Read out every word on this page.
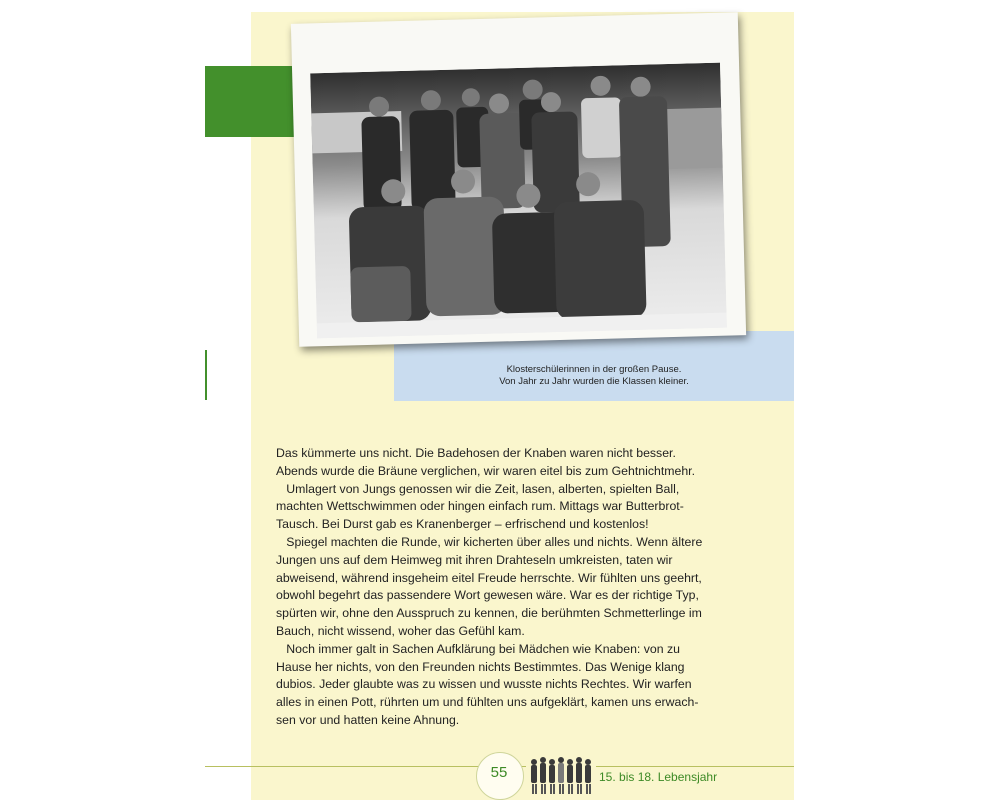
Klosterschülerinnen in der großen Pause.
Von Jahr zu Jahr wurden die Klassen kleiner.
Das kümmerte uns nicht. Die Badehosen der Knaben waren nicht besser.
Abends wurde die Bräune verglichen, wir waren eitel bis zum Gehtnichtmehr.
Umlagert von Jungs genossen wir die Zeit, lasen, alberten, spielten Ball,
machten Wettschwimmen oder hingen einfach rum. Mittags war Butterbrot-
Tausch. Bei Durst gab es Kranenberger – erfrischend und kostenlos!
Spiegel machten die Runde, wir kicherten über alles und nichts. Wenn ältere
Jungen uns auf dem Heimweg mit ihren Drahteseln umkreisten, taten wir
abweisend, während insgeheim eitel Freude herrschte. Wir fühlten uns geehrt,
obwohl begehrt das passendere Wort gewesen wäre. War es der richtige Typ,
spürten wir, ohne den Ausspruch zu kennen, die berühmten Schmetterlinge im
Bauch, nicht wissend, woher das Gefühl kam.
Noch immer galt in Sachen Aufklärung bei Mädchen wie Knaben: von zu
Hause her nichts, von den Freunden nichts Bestimmtes. Das Wenige klang
dubios. Jeder glaubte was zu wissen und wusste nichts Rechtes. Wir warfen
alles in einen Pott, rührten um und fühlten uns aufgeklärt, kamen uns erwach-
sen vor und hatten keine Ahnung.
55	15. bis 18. Lebensjahr
